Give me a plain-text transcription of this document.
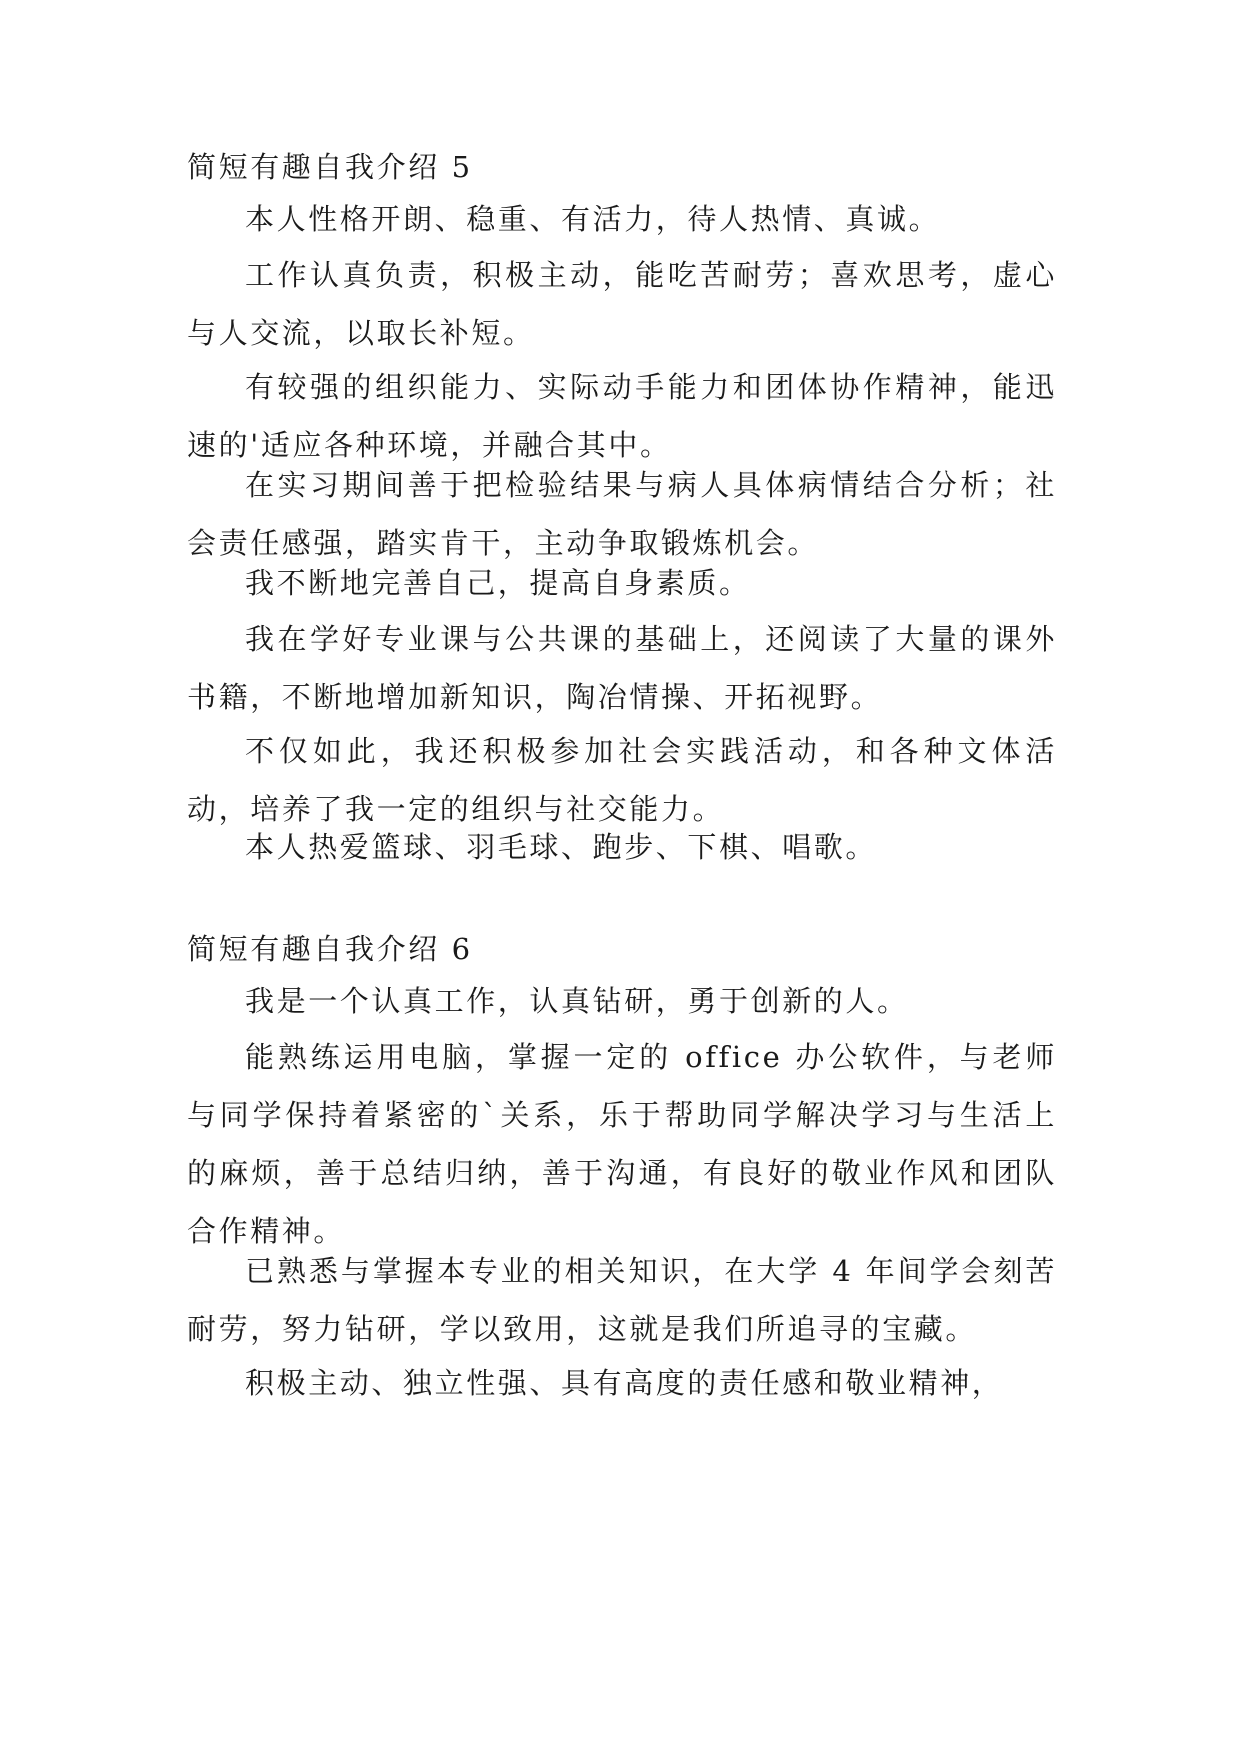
简短有趣自我介绍 5

本人性格开朗、稳重、有活力，待人热情、真诚。

工作认真负责，积极主动，能吃苦耐劳；喜欢思考，虚心与人交流，以取长补短。

有较强的组织能力、实际动手能力和团体协作精神，能迅速的'适应各种环境，并融合其中。

在实习期间善于把检验结果与病人具体病情结合分析；社会责任感强，踏实肯干，主动争取锻炼机会。

我不断地完善自己，提高自身素质。

我在学好专业课与公共课的基础上，还阅读了大量的课外书籍，不断地增加新知识，陶冶情操、开拓视野。

不仅如此，我还积极参加社会实践活动，和各种文体活动，培养了我一定的组织与社交能力。

本人热爱篮球、羽毛球、跑步、下棋、唱歌。

简短有趣自我介绍 6

我是一个认真工作，认真钻研，勇于创新的人。

能熟练运用电脑，掌握一定的 office 办公软件，与老师与同学保持着紧密的`关系，乐于帮助同学解决学习与生活上的麻烦，善于总结归纳，善于沟通，有良好的敬业作风和团队合作精神。

已熟悉与掌握本专业的相关知识，在大学 4 年间学会刻苦耐劳，努力钻研，学以致用，这就是我们所追寻的宝藏。

积极主动、独立性强、具有高度的责任感和敬业精神，
